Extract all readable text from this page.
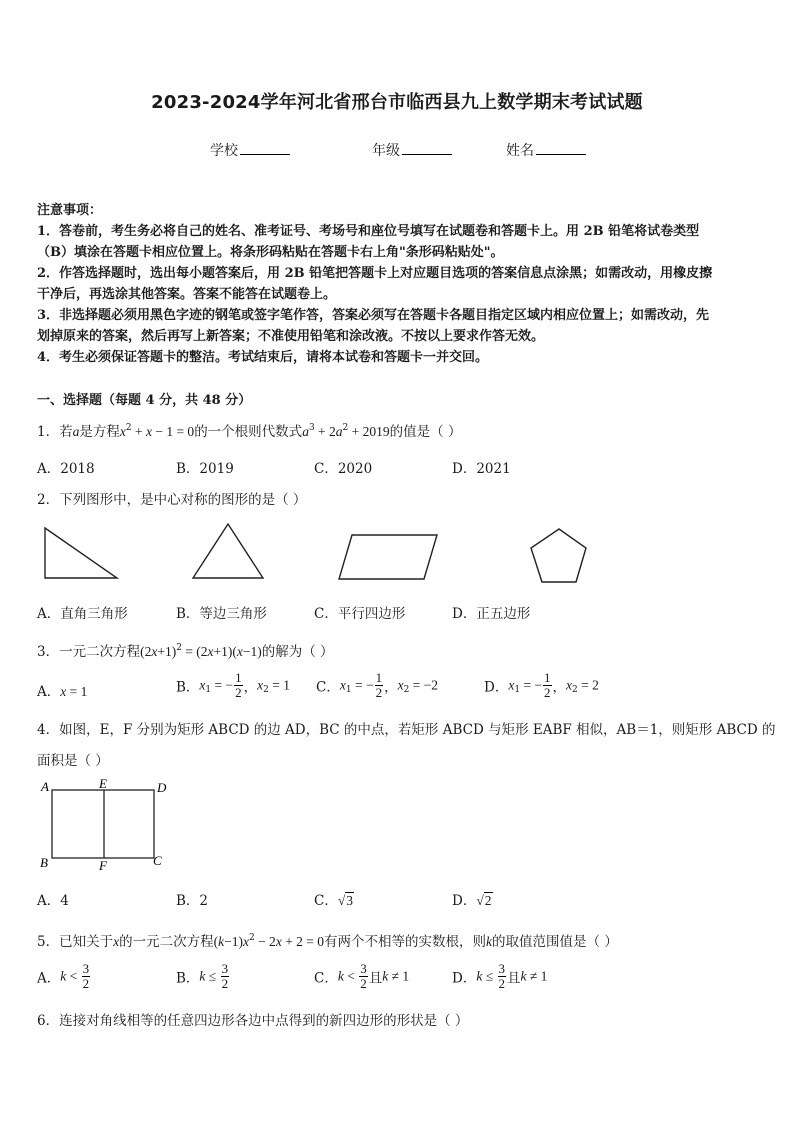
2023-2024学年河北省邢台市临西县九上数学期末考试试题
学校	年级	姓名
注意事项：
1．答卷前，考生务必将自己的姓名、准考证号、考场号和座位号填写在试题卷和答题卡上。用 2B 铅笔将试卷类型
（B）填涂在答题卡相应位置上。将条形码粘贴在答题卡右上角"条形码粘贴处"。
2．作答选择题时，选出每小题答案后，用 2B 铅笔把答题卡上对应题目选项的答案信息点涂黑；如需改动，用橡皮擦
干净后，再选涂其他答案。答案不能答在试题卷上。
3．非选择题必须用黑色字迹的钢笔或签字笔作答，答案必须写在答题卡各题目指定区域内相应位置上；如需改动，先
划掉原来的答案，然后再写上新答案；不准使用铅笔和涂改液。不按以上要求作答无效。
4．考生必须保证答题卡的整洁。考试结束后，请将本试卷和答题卡一并交回。
一、选择题（每题 4 分，共 48 分）
1．若a是方程$x^2 + x - 1 = 0$的一个根则代数式$a^3 + 2a^2 + 2019$的值是（ ）
A．2018	B．2019	C．2020	D．2021
2．下列图形中，是中心对称的图形的是（ ）
A．直角三角形	B．等边三角形	C．平行四边形	D．正五边形
3．一元二次方程$(2x+1)^2 = (2x+1)(x-1)$的解为（ ）
A．x = 1	B．$x_1$ = − $\frac{1}{2}$ ，$x_2 = 1$ C．$x_1$ = − $\frac{1}{2}$ ，$x_2 = -2$	D．$x_1$ = − $\frac{1}{2}$ ，$x_2 = 2$
4．如图，E，F 分别为矩形 ABCD 的边 AD，BC 的中点，若矩形 ABCD 与矩形 EABF 相似，AB＝1，则矩形 ABCD 的
面积是（ ）
A	E	D
B	F	C
A．4	B．2	C．√3	D．√2
5．已知关于x的一元二次方程$(k-1)x^2 - 2x + 2 = 0$有两个不相等的实数根，则k的取值范围值是（ ）
A．$k < \frac{3}{2}$	B．$k \le \frac{3}{2}$	C．$k < \frac{3}{2}$ 且k ≠ 1	D．$k \le \frac{3}{2}$ 且k ≠ 1
6．连接对角线相等的任意四边形各边中点得到的新四边形的形状是（ ）
